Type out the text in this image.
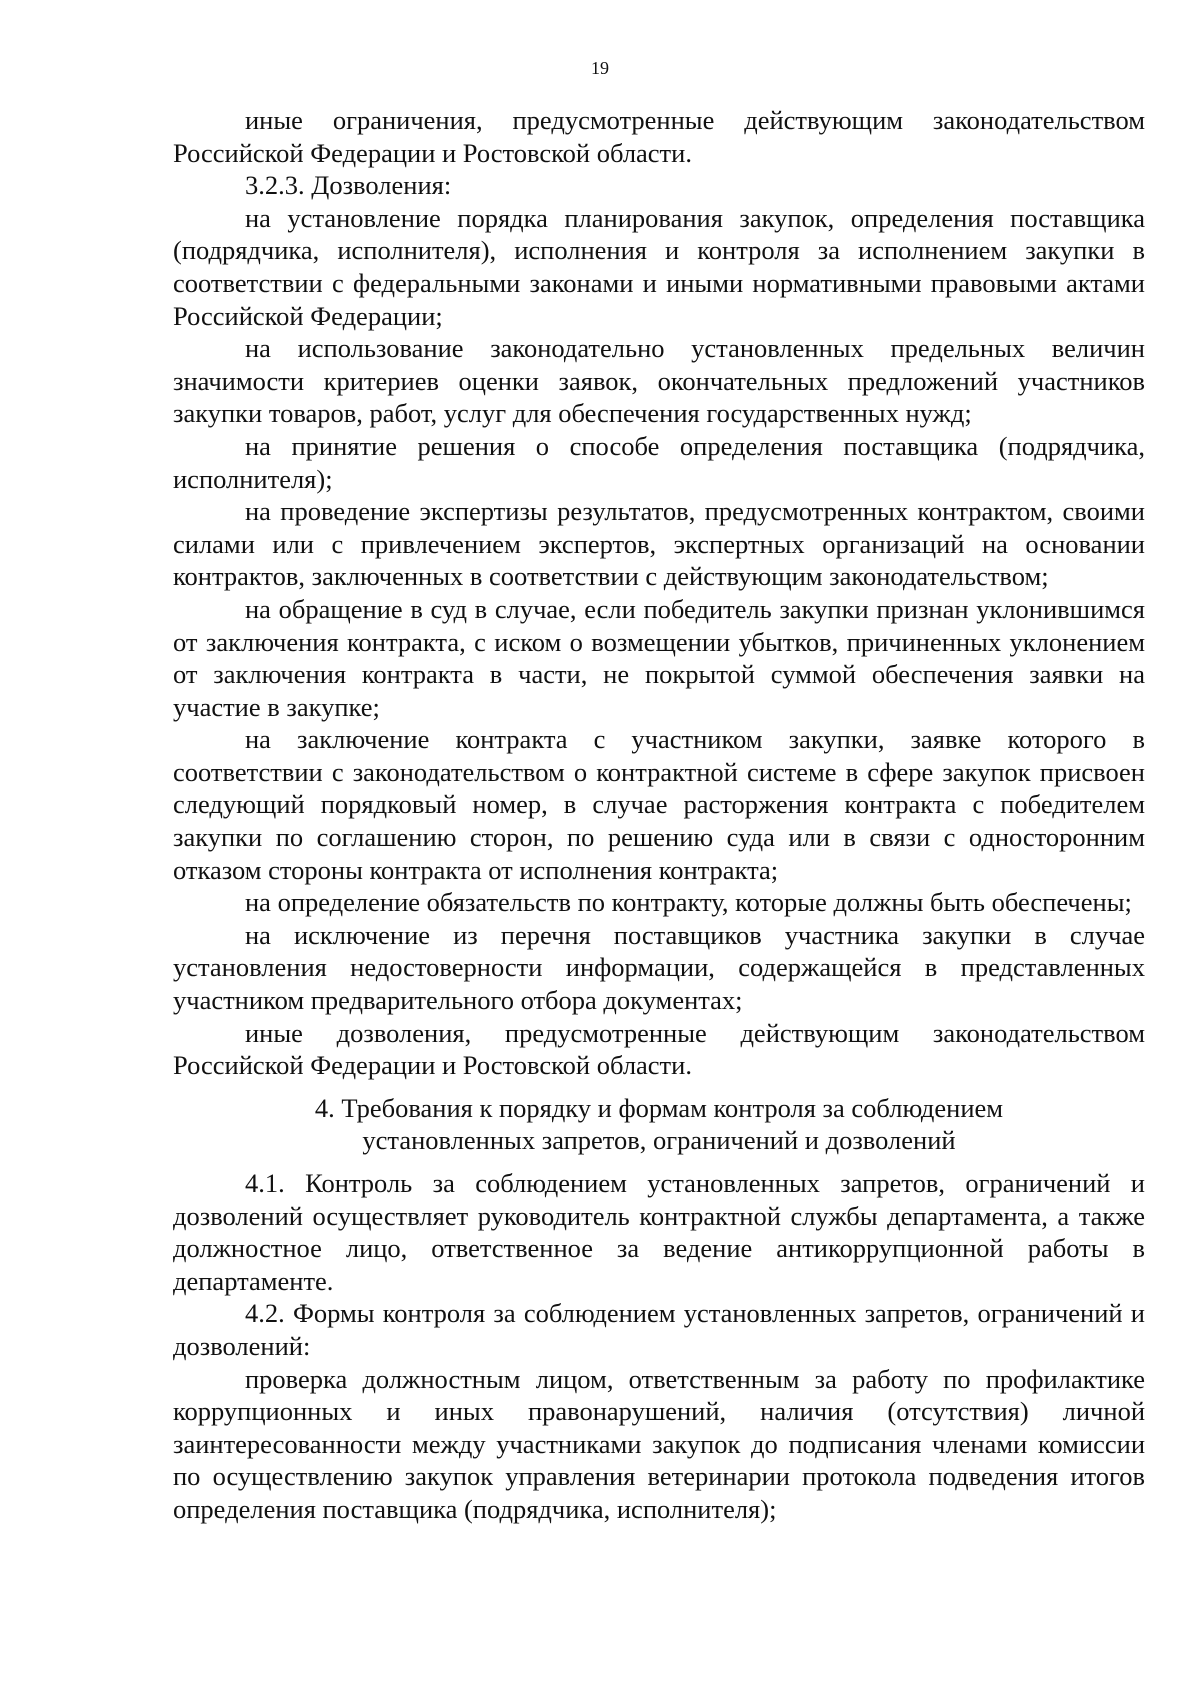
19

иные ограничения, предусмотренные действующим законодательством Российской Федерации и Ростовской области.

3.2.3. Дозволения:

на установление порядка планирования закупок, определения поставщика (подрядчика, исполнителя), исполнения и контроля за исполнением закупки в соответствии с федеральными законами и иными нормативными правовыми актами Российской Федерации;

на использование законодательно установленных предельных величин значимости критериев оценки заявок, окончательных предложений участников закупки товаров, работ, услуг для обеспечения государственных нужд;

на принятие решения о способе определения поставщика (подрядчика, исполнителя);

на проведение экспертизы результатов, предусмотренных контрактом, своими силами или с привлечением экспертов, экспертных организаций на основании контрактов, заключенных в соответствии с действующим законодательством;

на обращение в суд в случае, если победитель закупки признан уклонившимся от заключения контракта, с иском о возмещении убытков, причиненных уклонением от заключения контракта в части, не покрытой суммой обеспечения заявки на участие в закупке;

на заключение контракта с участником закупки, заявке которого в соответствии с законодательством о контрактной системе в сфере закупок присвоен следующий порядковый номер, в случае расторжения контракта с победителем закупки по соглашению сторон, по решению суда или в связи с односторонним отказом стороны контракта от исполнения контракта;

на определение обязательств по контракту, которые должны быть обеспечены;

на исключение из перечня поставщиков участника закупки в случае установления недостоверности информации, содержащейся в представленных участником предварительного отбора документах;

иные дозволения, предусмотренные действующим законодательством Российской Федерации и Ростовской области.

4. Требования к порядку и формам контроля за соблюдением
установленных запретов, ограничений и дозволений

4.1. Контроль за соблюдением установленных запретов, ограничений и дозволений осуществляет руководитель контрактной службы департамента, а также должностное лицо, ответственное за ведение антикоррупционной работы в департаменте.

4.2. Формы контроля за соблюдением установленных запретов, ограничений и дозволений:

проверка должностным лицом, ответственным за работу по профилактике коррупционных и иных правонарушений, наличия (отсутствия) личной заинтересованности между участниками закупок до подписания членами комиссии по осуществлению закупок управления ветеринарии протокола подведения итогов определения поставщика (подрядчика, исполнителя);
